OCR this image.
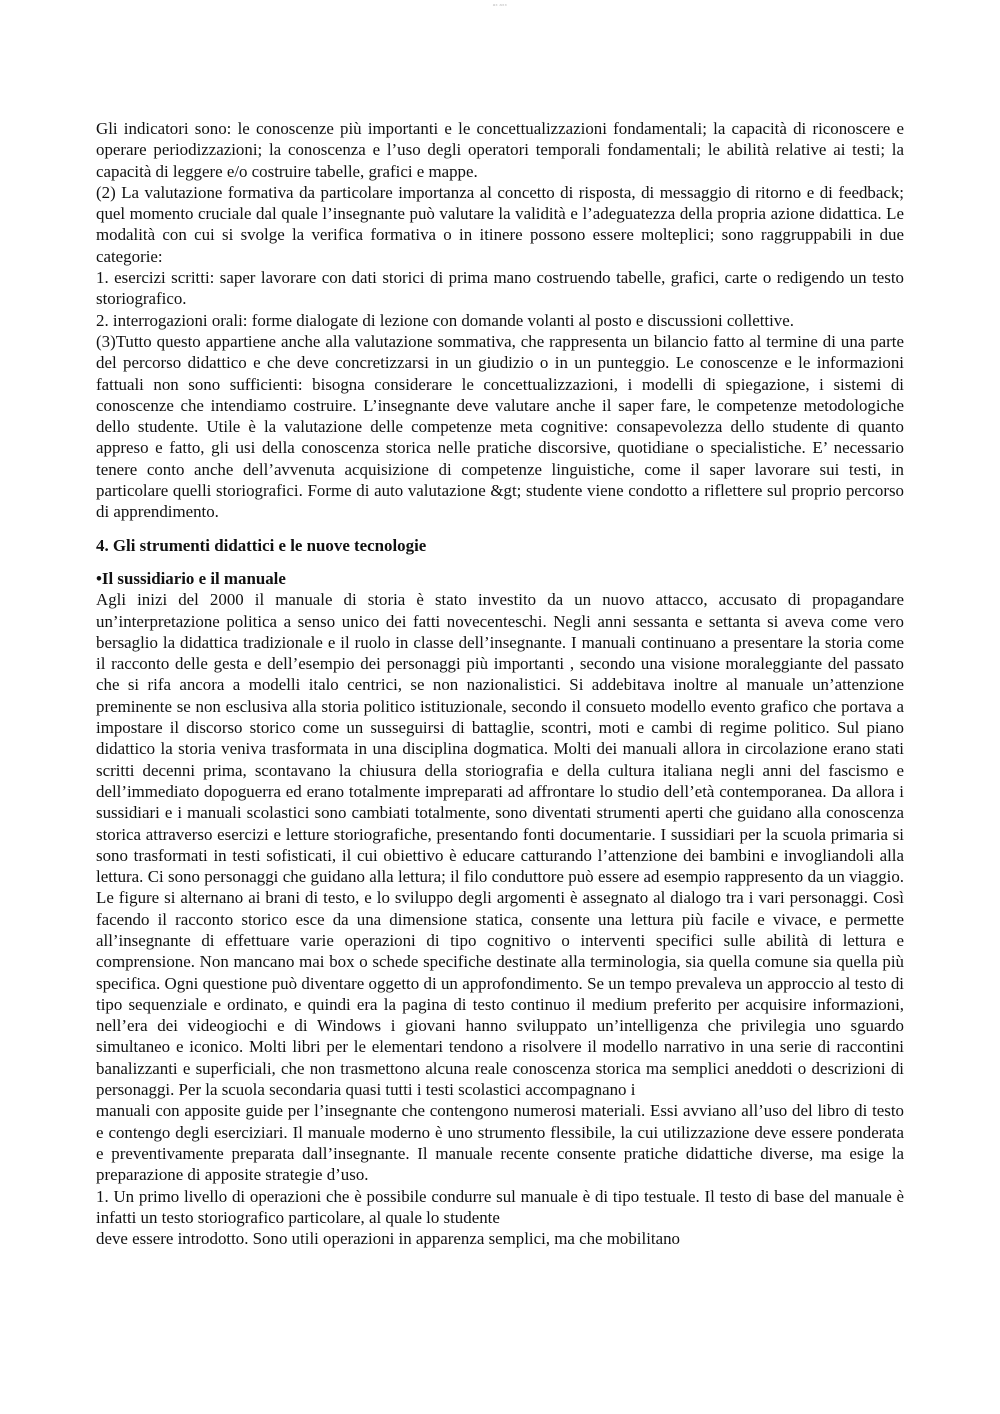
ax axx

Gli indicatori sono: le conoscenze più importanti e le concettualizzazioni fondamentali; la capacità di riconoscere e operare periodizzazioni; la conoscenza e l’uso degli operatori temporali fondamentali; le abilità relative ai testi; la capacità di leggere e/o costruire tabelle, grafici e mappe.

(2) La valutazione formativa da particolare importanza al concetto di risposta, di messaggio di ritorno e di feedback; quel momento cruciale dal quale l’insegnante può valutare la validità e l’adeguatezza della propria azione didattica. Le modalità con cui si svolge la verifica formativa o in itinere possono essere molteplici; sono raggruppabili in due categorie:

1. esercizi scritti: saper lavorare con dati storici di prima mano costruendo tabelle, grafici, carte o redigendo un testo storiografico.

2. interrogazioni orali: forme dialogate di lezione con domande volanti al posto e discussioni collettive.

(3)Tutto questo appartiene anche alla valutazione sommativa, che rappresenta un bilancio fatto al termine di una parte del percorso didattico e che deve concretizzarsi in un giudizio o in un punteggio. Le conoscenze e le informazioni fattuali non sono sufficienti: bisogna considerare le concettualizzazioni, i modelli di spiegazione, i sistemi di conoscenze che intendiamo costruire. L’insegnante deve valutare anche il saper fare, le competenze metodologiche dello studente. Utile è la valutazione delle competenze meta cognitive: consapevolezza dello studente di quanto appreso e fatto, gli usi della conoscenza storica nelle pratiche discorsive, quotidiane o specialistiche. E’ necessario tenere conto anche dell’avvenuta acquisizione di competenze linguistiche, come il saper lavorare sui testi, in particolare quelli storiografici. Forme di auto valutazione &gt; studente viene condotto a riflettere sul proprio percorso di apprendimento.

4. Gli strumenti didattici e le nuove tecnologie

•Il sussidiario e il manuale

Agli inizi del 2000 il manuale di storia è stato investito da un nuovo attacco, accusato di propagandare un’interpretazione politica a senso unico dei fatti novecenteschi. Negli anni sessanta e settanta si aveva come vero bersaglio la didattica tradizionale e il ruolo in classe dell’insegnante. I manuali continuano a presentare la storia come il racconto delle gesta e dell’esempio dei personaggi più importanti , secondo una visione moraleggiante del passato che si rifa ancora a modelli italo centrici, se non nazionalistici. Si addebitava inoltre al manuale un’attenzione preminente se non esclusiva alla storia politico istituzionale, secondo il consueto modello evento grafico che portava a impostare il discorso storico come un susseguirsi di battaglie, scontri, moti e cambi di regime politico. Sul piano didattico la storia veniva trasformata in una disciplina dogmatica. Molti dei manuali allora in circolazione erano stati scritti decenni prima, scontavano la chiusura della storiografia e della cultura italiana negli anni del fascismo e dell’immediato dopoguerra ed erano totalmente impreparati ad affrontare lo studio dell’età contemporanea. Da allora i sussidiari e i manuali scolastici sono cambiati totalmente, sono diventati strumenti aperti che guidano alla conoscenza storica attraverso esercizi e letture storiografiche, presentando fonti documentarie. I sussidiari per la scuola primaria si sono trasformati in testi sofisticati, il cui obiettivo è educare catturando l’attenzione dei bambini e invogliandoli alla lettura. Ci sono personaggi che guidano alla lettura; il filo conduttore può essere ad esempio rappresento da un viaggio. Le figure si alternano ai brani di testo, e lo sviluppo degli argomenti è assegnato al dialogo tra i vari personaggi. Così facendo il racconto storico esce da una dimensione statica, consente una lettura più facile e vivace, e permette all’insegnante di effettuare varie operazioni di tipo cognitivo o interventi specifici sulle abilità di lettura e comprensione. Non mancano mai box o schede specifiche destinate alla terminologia, sia quella comune sia quella più specifica. Ogni questione può diventare oggetto di un approfondimento. Se un tempo prevaleva un approccio al testo di tipo sequenziale e ordinato, e quindi era la pagina di testo continuo il medium preferito per acquisire informazioni, nell’era dei videogiochi e di Windows i giovani hanno sviluppato un’intelligenza che privilegia uno sguardo simultaneo e iconico. Molti libri per le elementari tendono a risolvere il modello narrativo in una serie di raccontini banalizzanti e superficiali, che non trasmettono alcuna reale conoscenza storica ma semplici aneddoti o descrizioni di personaggi. Per la scuola secondaria quasi tutti i testi scolastici accompagnano i

manuali con apposite guide per l’insegnante che contengono numerosi materiali. Essi avviano all’uso del libro di testo e contengo degli eserciziari. Il manuale moderno è uno strumento flessibile, la cui utilizzazione deve essere ponderata e preventivamente preparata dall’insegnante. Il manuale recente consente pratiche didattiche diverse, ma esige la preparazione di apposite strategie d’uso.

1. Un primo livello di operazioni che è possibile condurre sul manuale è di tipo testuale. Il testo di base del manuale è infatti un testo storiografico particolare, al quale lo studente

deve essere introdotto. Sono utili operazioni in apparenza semplici, ma che mobilitano
